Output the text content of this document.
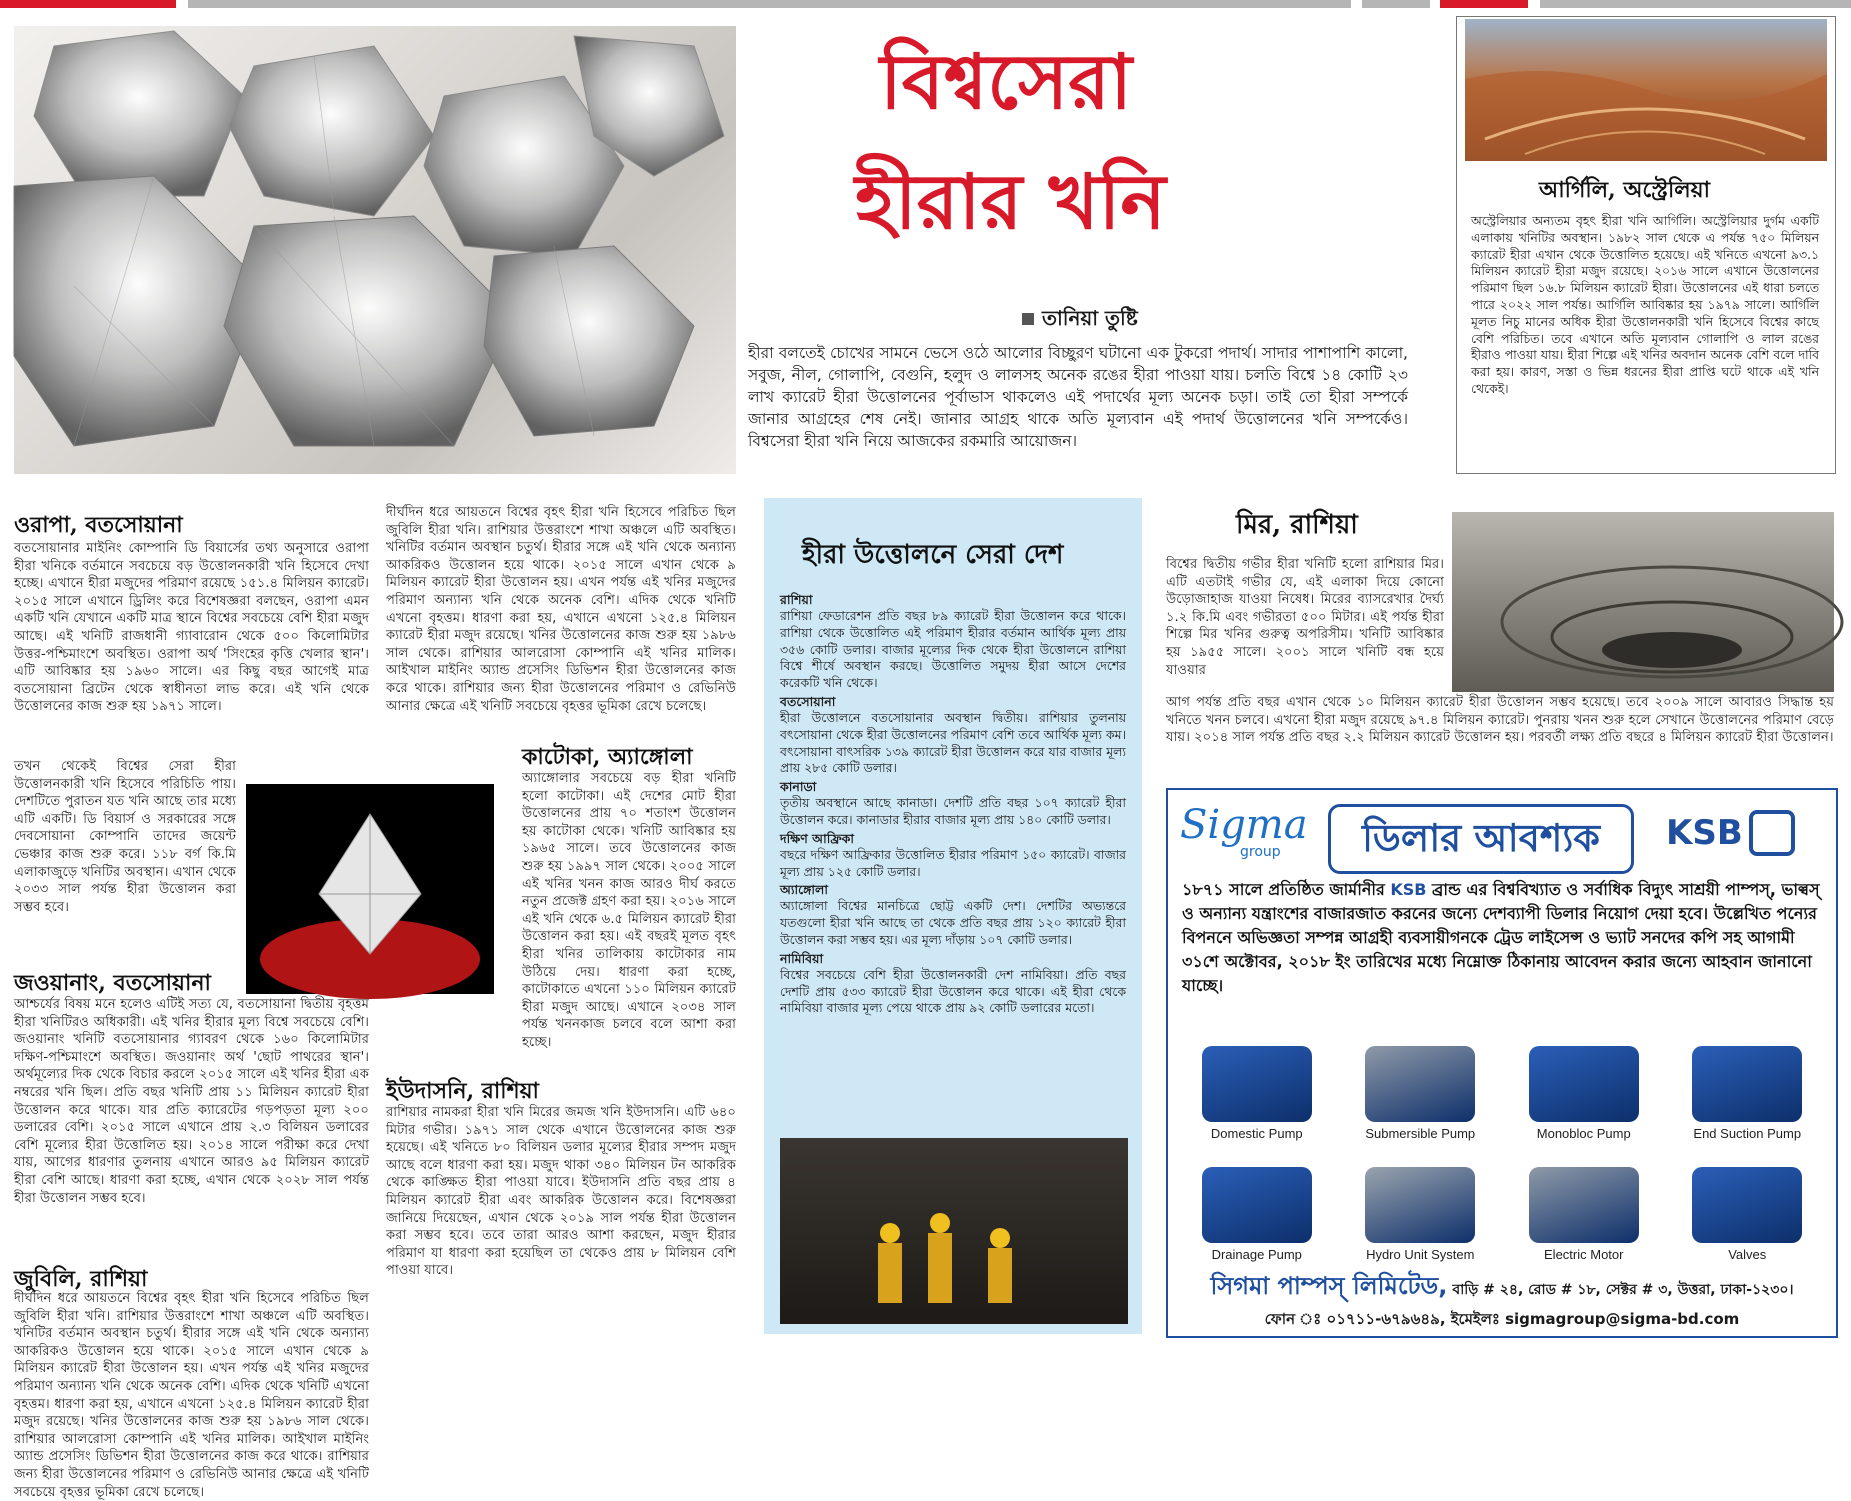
বিশ্বসেরা
হীরার খনি
তানিয়া তুষ্টি
হীরা বলতেই চোখের সামনে ভেসে ওঠে আলোর বিচ্ছুরণ ঘটানো এক টুকরো পদার্থ। সাদার পাশাপাশি কালো, সবুজ, নীল, গোলাপি, বেগুনি, হলুদ ও লালসহ অনেক রঙের হীরা পাওয়া যায়। চলতি বিশ্বে ১৪ কোটি ২৩ লাখ ক্যারেট হীরা উত্তোলনের পূর্বাভাস থাকলেও এই পদার্থের মূল্য অনেক চড়া। তাই তো হীরা সম্পর্কে জানার আগ্রহের শেষ নেই। জানার আগ্রহ থাকে অতি মূল্যবান এই পদার্থ উত্তোলনের খনি সম্পর্কেও। বিশ্বসেরা হীরা খনি নিয়ে আজকের রকমারি আয়োজন।
আর্গিলি, অস্ট্রেলিয়া
অস্ট্রেলিয়ার অন্যতম বৃহৎ হীরা খনি আর্গিলি। অস্ট্রেলিয়ার দুর্গম একটি এলাকায় খনিটির অবস্থান। ১৯৮২ সাল থেকে এ পর্যন্ত ৭৫০ মিলিয়ন ক্যারেট হীরা এখান থেকে উত্তোলিত হয়েছে। এই খনিতে এখনো ৯৩.১ মিলিয়ন ক্যারেট হীরা মজুদ রয়েছে। ২০১৬ সালে এখানে উত্তোলনের পরিমাণ ছিল ১৬.৮ মিলিয়ন ক্যারেট হীরা। উত্তোলনের এই ধারা চলতে পারে ২০২২ সাল পর্যন্ত। আর্গিলি আবিষ্কার হয় ১৯৭৯ সালে। আর্গিলি মূলত নিচু মানের অধিক হীরা উত্তোলনকারী খনি হিসেবে বিশ্বের কাছে বেশি পরিচিত। তবে এখানে অতি মূল্যবান গোলাপি ও লাল রঙের হীরাও পাওয়া যায়। হীরা শিল্পে এই খনির অবদান অনেক বেশি বলে দাবি করা হয়। কারণ, সস্তা ও ভিন্ন ধরনের হীরা প্রাপ্তি ঘটে থাকে এই খনি থেকেই।
ওরাপা, বতসোয়ানা
বতসোয়ানার মাইনিং কোম্পানি ডি বিয়ার্সের তথ্য অনুসারে ওরাপা হীরা খনিকে বর্তমানে সবচেয়ে বড় উত্তোলনকারী খনি হিসেবে দেখা হচ্ছে। এখানে হীরা মজুদের পরিমাণ রয়েছে ১৫১.৪ মিলিয়ন ক্যারেট। ২০১৫ সালে এখানে ড্রিলিং করে বিশেষজ্ঞরা বলছেন, ওরাপা এমন একটি খনি যেখানে একটি মাত্র স্থানে বিশ্বের সবচেয়ে বেশি হীরা মজুদ আছে। এই খনিটি রাজধানী গ্যাবারোন থেকে ৫০০ কিলোমিটার উত্তর-পশ্চিমাংশে অবস্থিত। ওরাপা অর্থ 'সিংহের কৃত্তি খেলার স্থান'। এটি আবিষ্কার হয় ১৯৬০ সালে। এর কিছু বছর আগেই মাত্র বতসোয়ানা ব্রিটেন থেকে স্বাধীনতা লাভ করে। এই খনি থেকে উত্তোলনের কাজ শুরু হয় ১৯৭১ সালে।
তখন থেকেই বিশ্বের সেরা হীরা উত্তোলনকারী খনি হিসেবে পরিচিতি পায়। দেশটিতে পুরাতন যত খনি আছে তার মধ্যে এটি একটি। ডি বিয়ার্স ও সরকারের সঙ্গে দেবসোয়ানা কোম্পানি তাদের জয়েন্ট ভেঞ্চার কাজ শুরু করে। ১১৮ বর্গ কি.মি এলাকাজুড়ে খনিটির অবস্থান। এখান থেকে ২০৩৩ সাল পর্যন্ত হীরা উত্তোলন করা সম্ভব হবে।
জওয়ানাং, বতসোয়ানা
আশ্চর্যের বিষয় মনে হলেও এটিই সত্য যে, বতসোয়ানা দ্বিতীয় বৃহত্তম হীরা খনিটিরও অধিকারী। এই খনির হীরার মূল্য বিশ্বে সবচেয়ে বেশি। জওয়ানাং খনিটি বতসোয়ানার গ্যাবরণ থেকে ১৬০ কিলোমিটার দক্ষিণ-পশ্চিমাংশে অবস্থিত। জওয়ানাং অর্থ 'ছোট পাথরের স্থান'। অর্থমূল্যের দিক থেকে বিচার করলে ২০১৫ সালে এই খনির হীরা এক নম্বরের খনি ছিল। প্রতি বছর খনিটি প্রায় ১১ মিলিয়ন ক্যারেট হীরা উত্তোলন করে থাকে। যার প্রতি ক্যারেটের গড়পড়তা মূল্য ২০০ ডলারের বেশি। ২০১৫ সালে এখানে প্রায় ২.৩ বিলিয়ন ডলারের বেশি মূল্যের হীরা উত্তোলিত হয়। ২০১৪ সালে পরীক্ষা করে দেখা যায়, আগের ধারণার তুলনায় এখানে আরও ৯৫ মিলিয়ন ক্যারেট হীরা বেশি আছে। ধারণা করা হচ্ছে, এখান থেকে ২০২৮ সাল পর্যন্ত হীরা উত্তোলন সম্ভব হবে।
জুবিলি, রাশিয়া
দীর্ঘদিন ধরে আয়তনে বিশ্বের বৃহৎ হীরা খনি হিসেবে পরিচিত ছিল জুবিলি হীরা খনি। রাশিয়ার উত্তরাংশে শাখা অঞ্চলে এটি অবস্থিত। খনিটির বর্তমান অবস্থান চতুর্থ। হীরার সঙ্গে এই খনি থেকে অন্যান্য আকরিকও উত্তোলন হয়ে থাকে। ২০১৫ সালে এখান থেকে ৯ মিলিয়ন ক্যারেট হীরা উত্তোলন হয়। এখন পর্যন্ত এই খনির মজুদের পরিমাণ অন্যান্য খনি থেকে অনেক বেশি। এদিক থেকে খনিটি এখনো বৃহত্তম। ধারণা করা হয়, এখানে এখনো ১২৫.৪ মিলিয়ন ক্যারেট হীরা মজুদ রয়েছে। খনির উত্তোলনের কাজ শুরু হয় ১৯৮৬ সাল থেকে। রাশিয়ার আলরোসা কোম্পানি এই খনির মালিক। আইখাল মাইনিং অ্যান্ড প্রসেসিং ডিভিশন হীরা উত্তোলনের কাজ করে থাকে। রাশিয়ার জন্য হীরা উত্তোলনের পরিমাণ ও রেভিনিউ আনার ক্ষেত্রে এই খনিটি সবচেয়ে বৃহত্তর ভূমিকা রেখে চলেছে।
দীর্ঘদিন ধরে আয়তনে বিশ্বের বৃহৎ হীরা খনি হিসেবে পরিচিত ছিল জুবিলি হীরা খনি। রাশিয়ার উত্তরাংশে শাখা অঞ্চলে এটি অবস্থিত। খনিটির বর্তমান অবস্থান চতুর্থ। হীরার সঙ্গে এই খনি থেকে অন্যান্য আকরিকও উত্তোলন হয়ে থাকে। ২০১৫ সালে এখান থেকে ৯ মিলিয়ন ক্যারেট হীরা উত্তোলন হয়। এখন পর্যন্ত এই খনির মজুদের পরিমাণ অন্যান্য খনি থেকে অনেক বেশি। এদিক থেকে খনিটি এখনো বৃহত্তম। ধারণা করা হয়, এখানে এখনো ১২৫.৪ মিলিয়ন ক্যারেট হীরা মজুদ রয়েছে। খনির উত্তোলনের কাজ শুরু হয় ১৯৮৬ সাল থেকে। রাশিয়ার আলরোসা কোম্পানি এই খনির মালিক। আইখাল মাইনিং অ্যান্ড প্রসেসিং ডিভিশন হীরা উত্তোলনের কাজ করে থাকে। রাশিয়ার জন্য হীরা উত্তোলনের পরিমাণ ও রেভিনিউ আনার ক্ষেত্রে এই খনিটি সবচেয়ে বৃহত্তর ভূমিকা রেখে চলেছে।
কাটোকা, অ্যাঙ্গোলা
অ্যাঙ্গোলার সবচেয়ে বড় হীরা খনিটি হলো কাটোকা। এই দেশের মোট হীরা উত্তোলনের প্রায় ৭০ শতাংশ উত্তোলন হয় কাটোকা থেকে। খনিটি আবিষ্কার হয় ১৯৬৫ সালে। তবে উত্তোলনের কাজ শুরু হয় ১৯৯৭ সাল থেকে। ২০০৫ সালে এই খনির খনন কাজ আরও দীর্ঘ করতে নতুন প্রজেক্ট গ্রহণ করা হয়। ২০১৬ সালে এই খনি থেকে ৬.৫ মিলিয়ন ক্যারেট হীরা উত্তোলন করা হয়। এই বছরই মূলত বৃহৎ হীরা খনির তালিকায় কাটোকার নাম উঠিয়ে দেয়। ধারণা করা হচ্ছে, কাটোকাতে এখনো ১১০ মিলিয়ন ক্যারেট হীরা মজুদ আছে। এখানে ২০৩৪ সাল পর্যন্ত খননকাজ চলবে বলে আশা করা হচ্ছে।
ইউদাসনি, রাশিয়া
রাশিয়ার নামকরা হীরা খনি মিরের জমজ খনি ইউদাসনি। এটি ৬৪০ মিটার গভীর। ১৯৭১ সাল থেকে এখানে উত্তোলনের কাজ শুরু হয়েছে। এই খনিতে ৮০ বিলিয়ন ডলার মূল্যের হীরার সম্পদ মজুদ আছে বলে ধারণা করা হয়। মজুদ থাকা ৩৪০ মিলিয়ন টন আকরিক থেকে কাঙ্ক্ষিত হীরা পাওয়া যাবে। ইউদাসনি প্রতি বছর প্রায় ৪ মিলিয়ন ক্যারেট হীরা এবং আকরিক উত্তোলন করে। বিশেষজ্ঞরা জানিয়ে দিয়েছেন, এখান থেকে ২০১৯ সাল পর্যন্ত হীরা উত্তোলন করা সম্ভব হবে। তবে তারা আরও আশা করছেন, মজুদ হীরার পরিমাণ যা ধারণা করা হয়েছিল তা থেকেও প্রায় ৮ মিলিয়ন বেশি পাওয়া যাবে।
হীরা উত্তোলনে সেরা দেশ
রাশিয়া
রাশিয়া ফেডারেশন প্রতি বছর ৮৯ ক্যারেট হীরা উত্তোলন করে থাকে। রাশিয়া থেকে উত্তোলিত এই পরিমাণ হীরার বর্তমান আর্থিক মূল্য প্রায় ৩৫৬ কোটি ডলার। বাজার মূল্যের দিক থেকে হীরা উত্তোলনে রাশিয়া বিশ্বে শীর্ষে অবস্থান করছে। উত্তোলিত সমুদয় হীরা আসে দেশের করেকটি খনি থেকে।
বতসোয়ানা
হীরা উত্তোলনে বতসোয়ানার অবস্থান দ্বিতীয়। রাশিয়ার তুলনায় বৎসোয়ানা থেকে হীরা উত্তোলনের পরিমাণ বেশি তবে আর্থিক মূল্য কম। বৎসোয়ানা বাৎসরিক ১৩৯ ক্যারেট হীরা উত্তোলন করে যার বাজার মূল্য প্রায় ২৮৫ কোটি ডলার।
কানাডা
তৃতীয় অবস্থানে আছে কানাডা। দেশটি প্রতি বছর ১০৭ ক্যারেট হীরা উত্তোলন করে। কানাডার হীরার বাজার মূল্য প্রায় ১৪০ কোটি ডলার।
দক্ষিণ আফ্রিকা
বছরে দক্ষিণ আফ্রিকার উত্তোলিত হীরার পরিমাণ ১৫০ ক্যারেট। বাজার মূল্য প্রায় ১২৫ কোটি ডলার।
অ্যাঙ্গোলা
অ্যাঙ্গোলা বিশ্বের মানচিত্রে ছোট্ট একটি দেশ। দেশটির অভ্যন্তরে যতগুলো হীরা খনি আছে তা থেকে প্রতি বছর প্রায় ১২০ ক্যারেট হীরা উত্তোলন করা সম্ভব হয়। এর মূল্য দাঁড়ায় ১০৭ কোটি ডলার।
নামিবিয়া
বিশ্বের সবচেয়ে বেশি হীরা উত্তোলনকারী দেশ নামিবিয়া। প্রতি বছর দেশটি প্রায় ৫৩৩ ক্যারেট হীরা উত্তোলন করে থাকে। এই হীরা থেকে নামিবিয়া বাজার মূল্য পেয়ে থাকে প্রায় ৯২ কোটি ডলারের মতো।
মির, রাশিয়া
বিশ্বের দ্বিতীয় গভীর হীরা খনিটি হলো রাশিয়ার মির। এটি এতটাই গভীর যে, এই এলাকা দিয়ে কোনো উড়োজাহাজ যাওয়া নিষেধ। মিরের ব্যাসরেখার দৈর্ঘ্য ১.২ কি.মি এবং গভীরতা ৫০০ মিটার। এই পর্যন্ত হীরা শিল্পে মির খনির গুরুত্ব অপরিসীম। খনিটি আবিষ্কার হয় ১৯৫৫ সালে। ২০০১ সালে খনিটি বন্ধ হয়ে যাওয়ার
আগ পর্যন্ত প্রতি বছর এখান থেকে ১০ মিলিয়ন ক্যারেট হীরা উত্তোলন সম্ভব হয়েছে। তবে ২০০৯ সালে আবারও সিদ্ধান্ত হয় খনিতে খনন চলবে। এখনো হীরা মজুদ রয়েছে ৯৭.৪ মিলিয়ন ক্যারেট। পুনরায় খনন শুরু হলে সেখানে উত্তোলনের পরিমাণ বেড়ে যায়। ২০১৪ সাল পর্যন্ত প্রতি বছর ২.২ মিলিয়ন ক্যারেট উত্তোলন হয়। পরবর্তী লক্ষ্য প্রতি বছরে ৪ মিলিয়ন ক্যারেট হীরা উত্তোলন।
Sigma
group	ডিলার আবশ্যক	KSB
১৮৭১ সালে প্রতিষ্ঠিত জার্মানীর KSB ব্রান্ড এর বিশ্ববিখ্যাত ও সর্বাধিক বিদ্যুৎ সাশ্রয়ী পাম্পস্‌, ভাল্বস্‌ ও অন্যান্য যন্ত্রাংশের বাজারজাত করনের জন্যে দেশব্যাপী ডিলার নিয়োগ দেয়া হবে। উল্লেখিত পন্যের বিপননে অভিজ্ঞতা সম্পন্ন আগ্রহী ব্যবসায়ীগনকে ট্রেড লাইসেন্স ও ভ্যাট সনদের কপি সহ আগামী ৩১শে অক্টোবর, ২০১৮ ইং তারিখের মধ্যে নিম্নোক্ত ঠিকানায় আবেদন করার জন্যে আহবান জানানো যাচ্ছে।
Domestic Pump	Submersible Pump	Monobloc Pump	End Suction Pump
Drainage Pump	Hydro Unit System	Electric Motor	Valves
সিগমা পাম্পস্‌ লিমিটেড, বাড়ি # ২৪, রোড # ১৮, সেক্টর # ৩, উত্তরা, ঢাকা-১২৩০।
ফোন ঃ ০১৭১১-৬৭৯৬৪৯, ইমেইলঃ sigmagroup@sigma-bd.com
